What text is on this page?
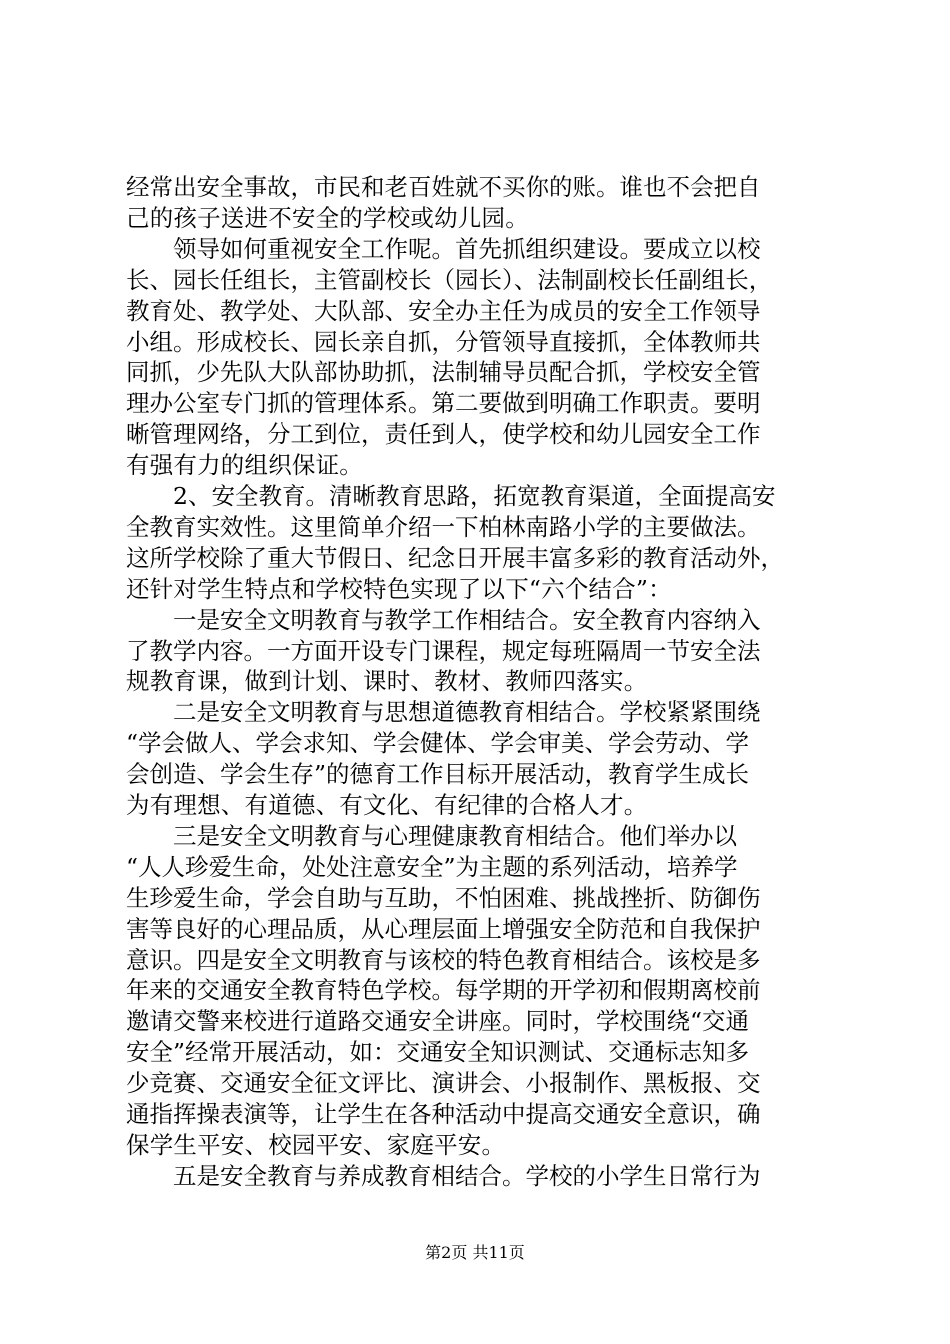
经常出安全事故，市民和老百姓就不买你的账。谁也不会把自
己的孩子送进不安全的学校或幼儿园。
　　领导如何重视安全工作呢。首先抓组织建设。要成立以校
长、园长任组长，主管副校长（园长）、法制副校长任副组长，
教育处、教学处、大队部、安全办主任为成员的安全工作领导
小组。形成校长、园长亲自抓，分管领导直接抓，全体教师共
同抓，少先队大队部协助抓，法制辅导员配合抓，学校安全管
理办公室专门抓的管理体系。第二要做到明确工作职责。要明
晰管理网络，分工到位，责任到人，使学校和幼儿园安全工作
有强有力的组织保证。
　　2、安全教育。清晰教育思路，拓宽教育渠道，全面提高安
全教育实效性。这里简单介绍一下柏林南路小学的主要做法。
这所学校除了重大节假日、纪念日开展丰富多彩的教育活动外，
还针对学生特点和学校特色实现了以下“六个结合”：
　　一是安全文明教育与教学工作相结合。安全教育内容纳入
了教学内容。一方面开设专门课程，规定每班隔周一节安全法
规教育课，做到计划、课时、教材、教师四落实。
　　二是安全文明教育与思想道德教育相结合。学校紧紧围绕
“学会做人、学会求知、学会健体、学会审美、学会劳动、学
会创造、学会生存”的德育工作目标开展活动，教育学生成长
为有理想、有道德、有文化、有纪律的合格人才。
　　三是安全文明教育与心理健康教育相结合。他们举办以
“人人珍爱生命，处处注意安全”为主题的系列活动，培养学
生珍爱生命，学会自助与互助，不怕困难、挑战挫折、防御伤
害等良好的心理品质，从心理层面上增强安全防范和自我保护
意识。四是安全文明教育与该校的特色教育相结合。该校是多
年来的交通安全教育特色学校。每学期的开学初和假期离校前
邀请交警来校进行道路交通安全讲座。同时，学校围绕“交通
安全”经常开展活动，如：交通安全知识测试、交通标志知多
少竞赛、交通安全征文评比、演讲会、小报制作、黑板报、交
通指挥操表演等，让学生在各种活动中提高交通安全意识，确
保学生平安、校园平安、家庭平安。
　　五是安全教育与养成教育相结合。学校的小学生日常行为
第2页 共11页
